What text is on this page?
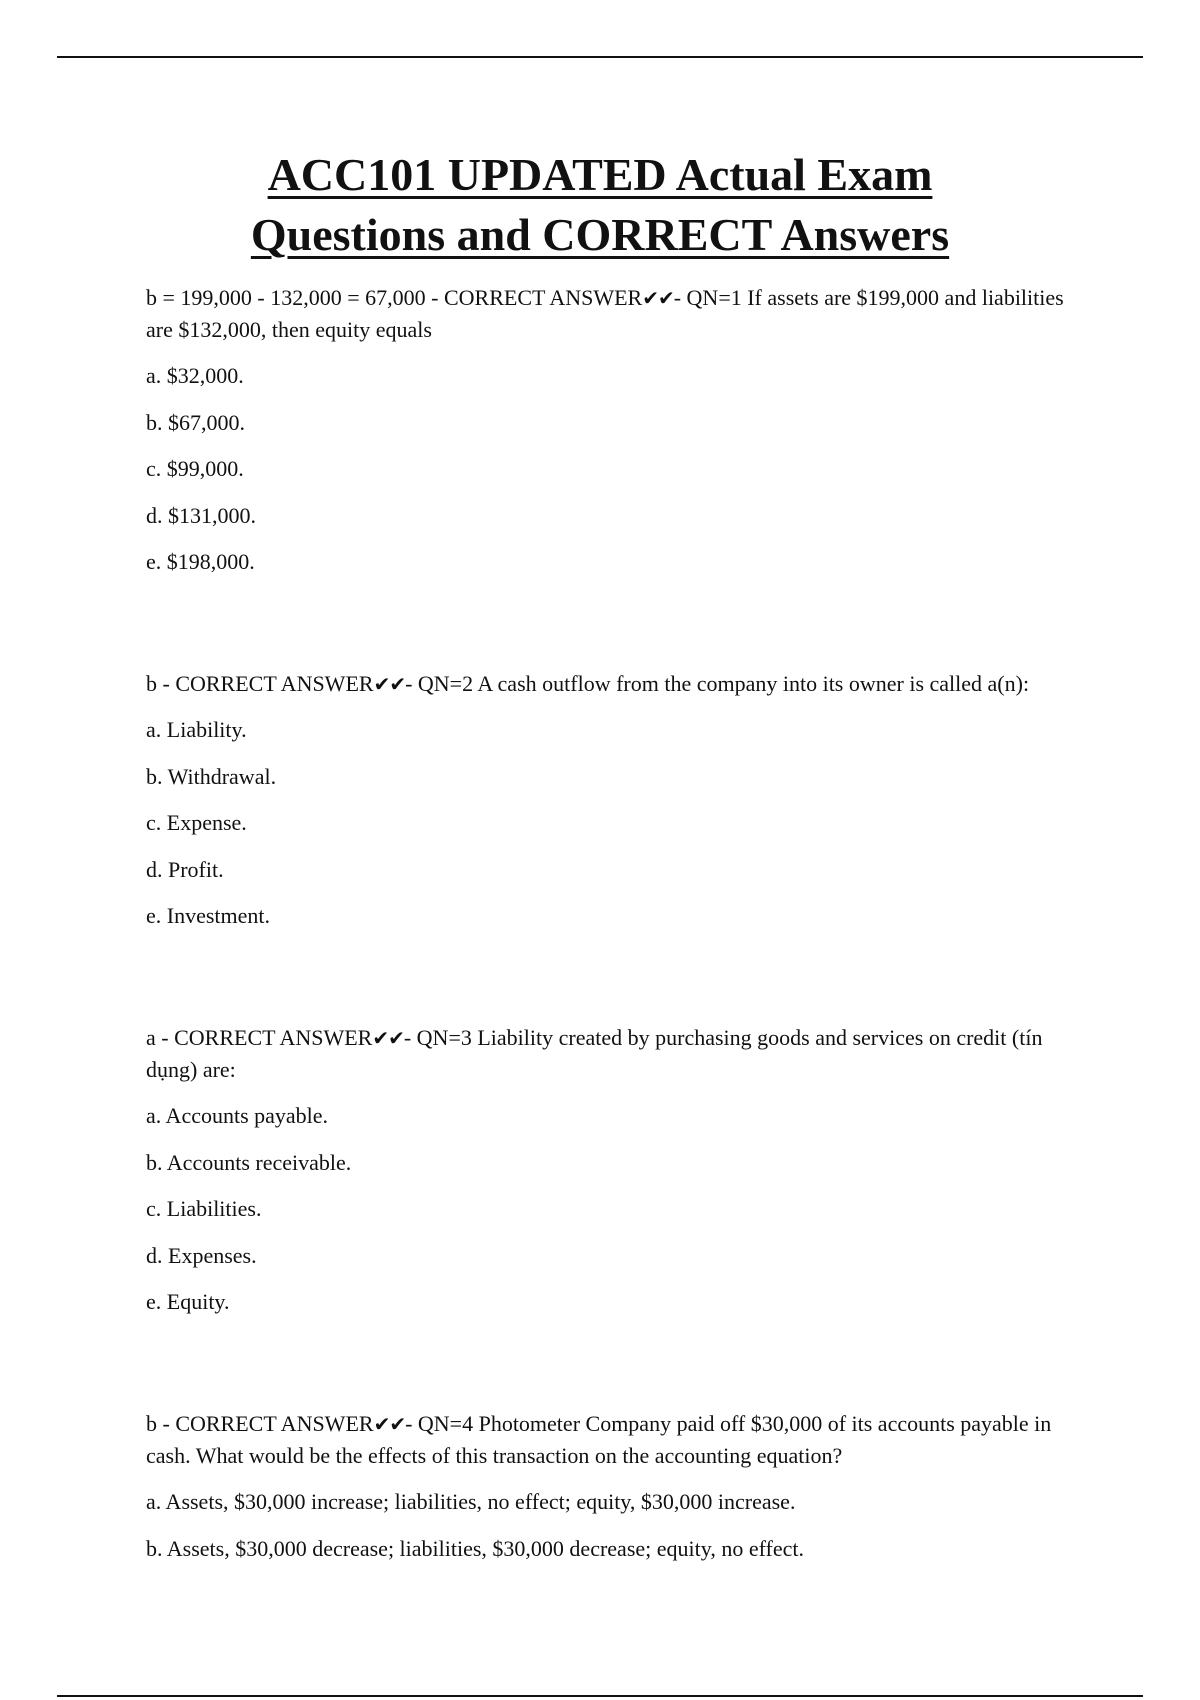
ACC101 UPDATED Actual Exam
Questions and CORRECT Answers

b = 199,000 - 132,000 = 67,000 - CORRECT ANSWER✔✔- QN=1 If assets are $199,000 and liabilities are $132,000, then equity equals

a. $32,000.

b. $67,000.

c. $99,000.

d. $131,000.

e. $198,000.

b - CORRECT ANSWER✔✔- QN=2 A cash outflow from the company into its owner is called a(n):

a. Liability.

b. Withdrawal.

c. Expense.

d. Profit.

e. Investment.

a - CORRECT ANSWER✔✔- QN=3 Liability created by purchasing goods and services on credit (tín dụng) are:

a. Accounts payable.

b. Accounts receivable.

c. Liabilities.

d. Expenses.

e. Equity.

b - CORRECT ANSWER✔✔- QN=4 Photometer Company paid off $30,000 of its accounts payable in cash. What would be the effects of this transaction on the accounting equation?

a. Assets, $30,000 increase; liabilities, no effect; equity, $30,000 increase.

b. Assets, $30,000 decrease; liabilities, $30,000 decrease; equity, no effect.
